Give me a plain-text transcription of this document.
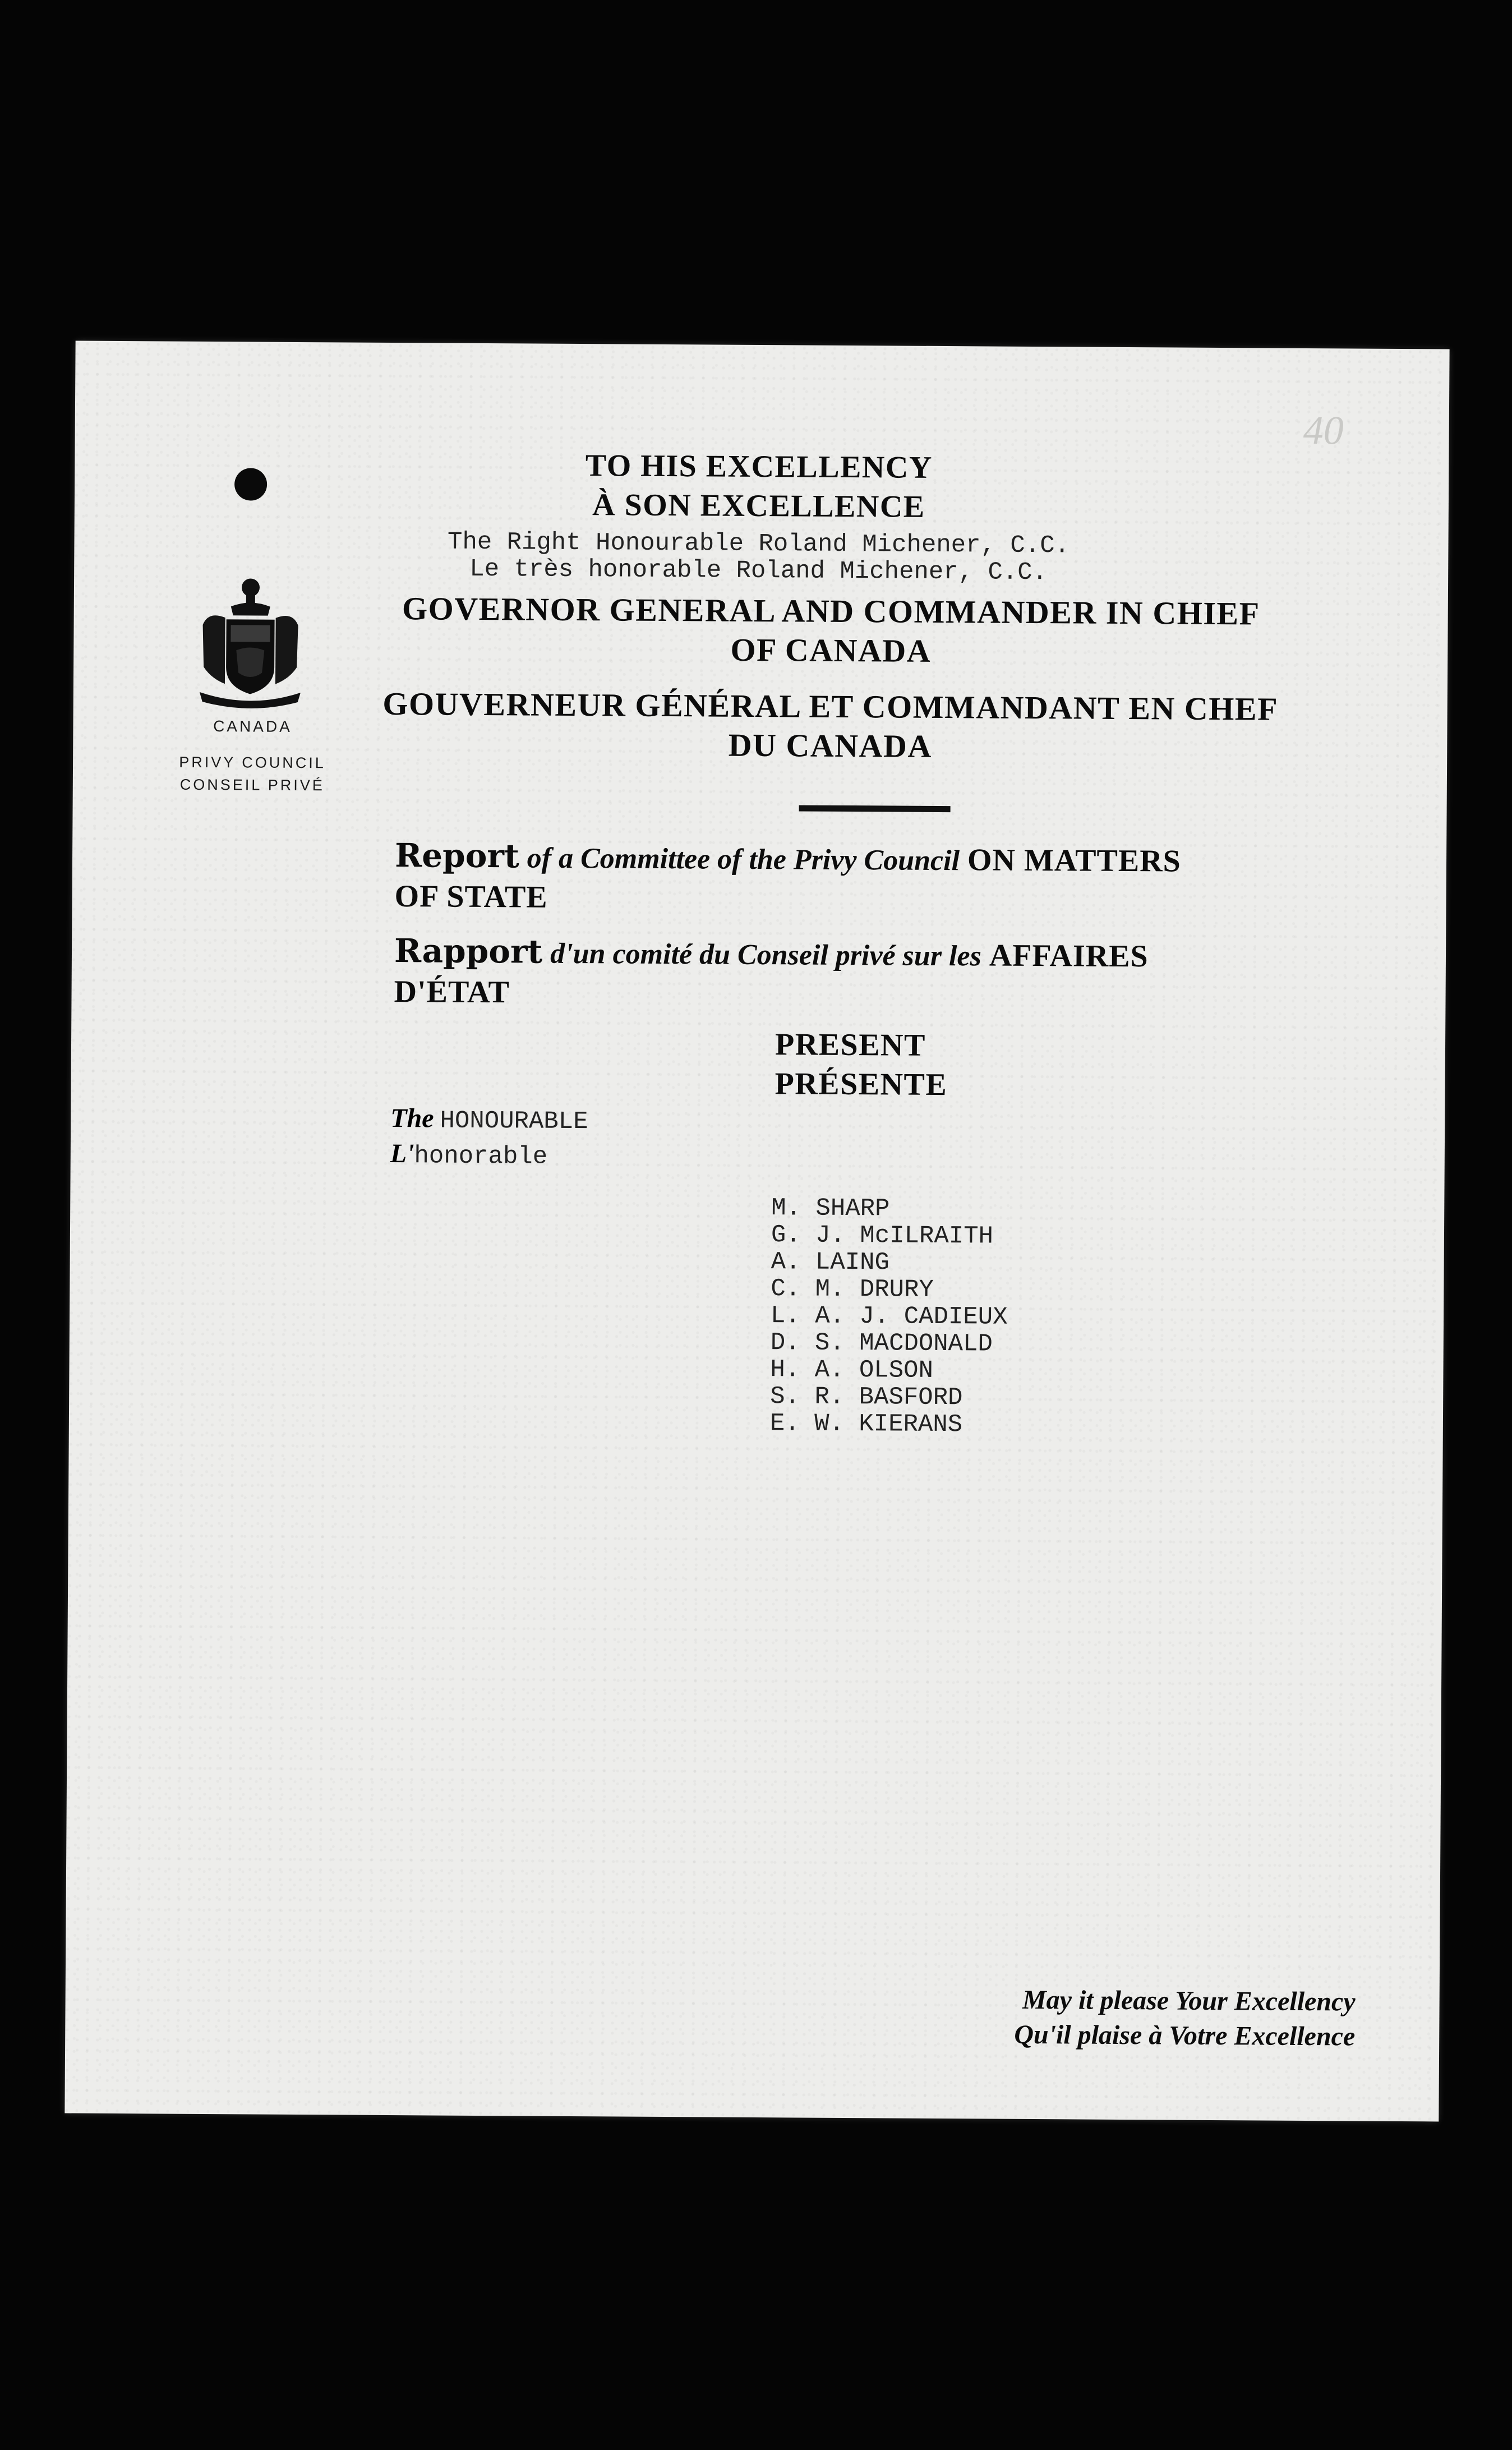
40
CANADA
PRIVY COUNCIL
CONSEIL PRIVÉ
TO HIS EXCELLENCY
À SON EXCELLENCE
The Right Honourable Roland Michener, C.C.
Le très honorable Roland Michener, C.C.
GOVERNOR GENERAL AND COMMANDER IN CHIEF
OF CANADA
GOUVERNEUR GÉNÉRAL ET COMMANDANT EN CHEF
DU CANADA
Report of a Committee of the Privy Council ON MATTERS
OF STATE
Rapport d'un comité du Conseil privé sur les AFFAIRES
D'ÉTAT
PRESENT
PRÉSENTE
The HONOURABLE
L'honorable
M. SHARP
G. J. McILRAITH
A. LAING
C. M. DRURY
L. A. J. CADIEUX
D. S. MACDONALD
H. A. OLSON
S. R. BASFORD
E. W. KIERANS
May it please Your Excellency
Qu'il plaise à Votre Excellence
